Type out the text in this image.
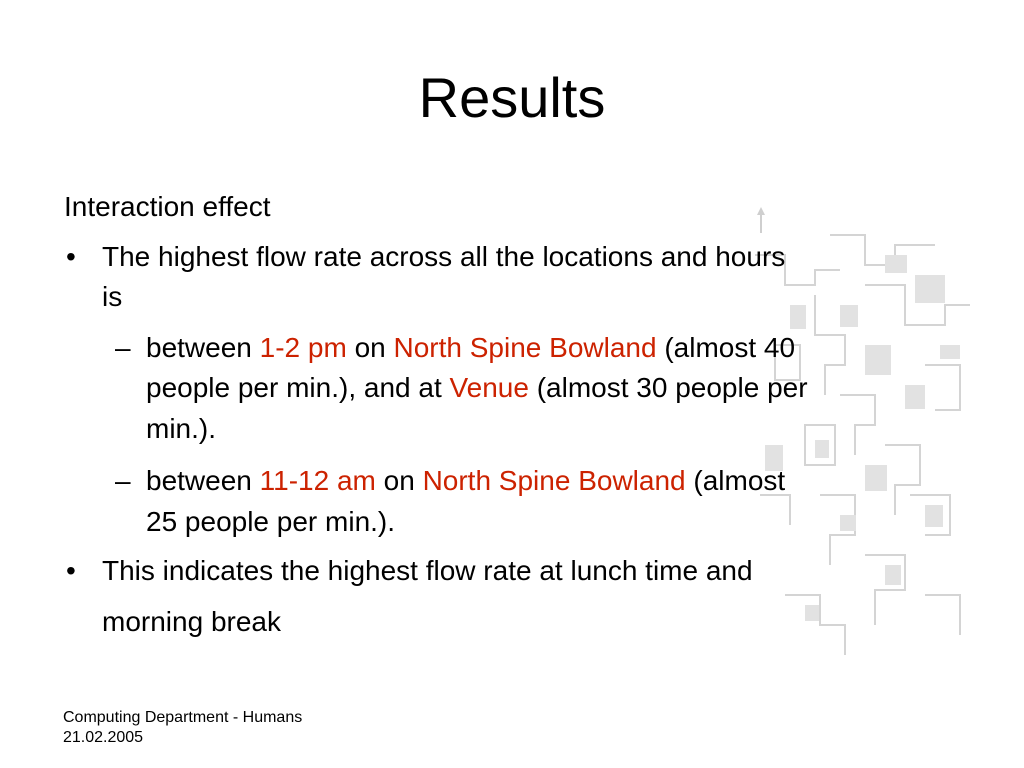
Results
Interaction effect
• The highest flow rate across all the locations and hours
is
– between 1-2 pm on North Spine Bowland (almost 40
people per min.), and at Venue (almost 30 people per
min.).
– between 11-12 am on North Spine Bowland (almost
25 people per min.).
• This indicates the highest flow rate at lunch time and
morning break
Computing Department - Humans
21.02.2005
